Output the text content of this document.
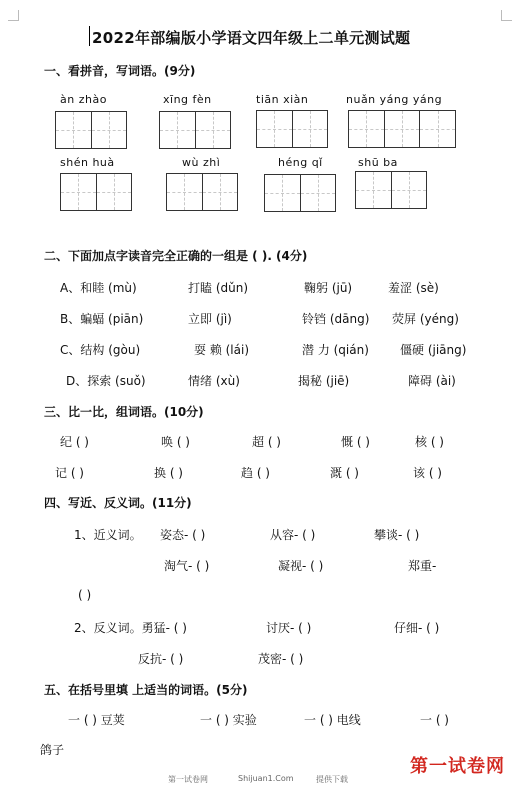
2022年部编版小学语文四年级上二单元测试题
一、看拼音，写词语。(9分)
àn zhào	xīng fèn	tiān xiàn	nuǎn yáng yáng
shén huà	wù zhì	héng qǐ	shū ba
二、下面加点字读音完全正确的一组是 ( ). (4分)
A、和睦 (mù)	打瞌 (dǔn)	鞠躬 (jū)	羞涩 (sè)
B、蝙蝠 (piān)	立即 (jì)	铃铛 (dāng) 荧屏 (yéng)
C、结构 (gòu)	耍 赖 (lái)	潜 力 (qián)	僵硬 (jiāng)
D、探索 (suǒ)	情绪 (xù)	揭秘 (jiē)	障碍 (ài)
三、比一比，组词语。(10分)
纪 ( )	唤 ( )	超 ( )	慨 ( )	核 ( )
记 ( )	换 ( )	趋 ( )	溉 ( )	该 ( )
四、写近、反义词。(11分)
1、近义词。 姿态- ( )	从容- ( )	攀谈- ( )
淘气- ( )	凝视- ( )	郑重-
( )
2、反义词。勇猛- ( )	讨厌- ( )	仔细- ( )
反抗- ( )	茂密- ( )
五、在括号里填 上适当的词语。(5分)
一 ( ) 豆荚	一 ( ) 实验	一 ( ) 电线	一 ( )
鸽子
第一试卷网	Shijuan1.Com	提供下载
第一试卷网
